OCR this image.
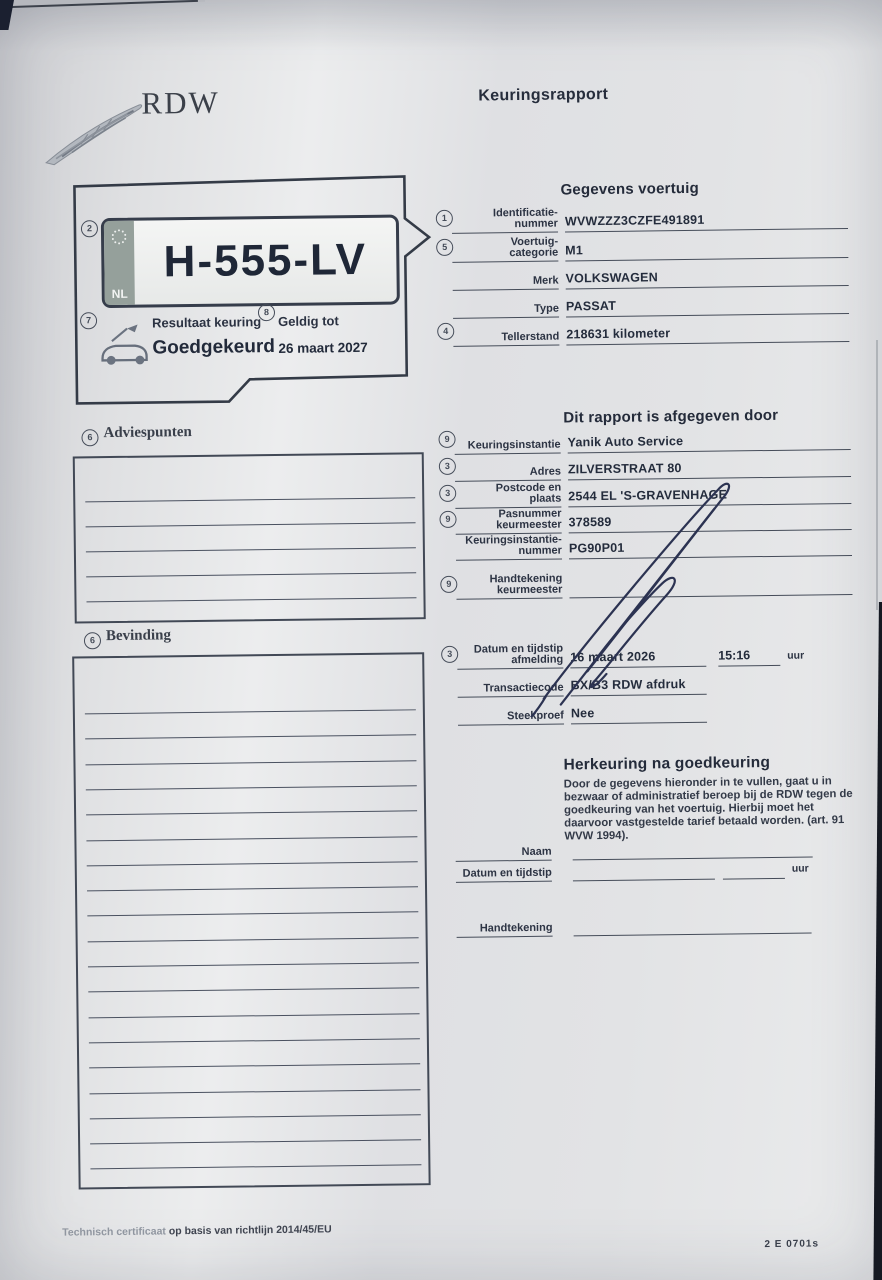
RDW	Keuringsrapport
2
NL
H-555-LV
7	Resultaat keuring
Goedgekeurd
8
Geldig tot
26 maart 2027
6 Adviespunten
6 Bevinding
Gegevens voertuig
1	Identificatie-
nummer WVWZZZ3CZFE491891
5	Voertuig-
categorie M1
Merk VOLKSWAGEN
Type PASSAT
4	Tellerstand 218631 kilometer
Dit rapport is afgegeven door
9	Keuringsinstantie Yanik Auto Service
3	Adres ZILVERSTRAAT 80
3	Postcode en
plaats 2544 EL 'S-GRAVENHAGE
9	Pasnummer
keurmeester 378589
Keuringsinstantie-
nummer PG90P01
9	Handtekening
keurmeester
3	Datum en tijdstip
afmelding 16 maart 2026	15:16	uur
Transactiecode BX/B3 RDW afdruk
Steekproef Nee
Herkeuring na goedkeuring
Door de gegevens hieronder in te vullen, gaat u in bezwaar of administratief beroep bij de RDW tegen de goedkeuring van het voertuig. Hierbij moet het daarvoor vastgestelde tarief betaald worden. (art. 91 WVW 1994).
Naam
Datum en tijdstip	uur
Handtekening
Technisch certificaat op basis van richtlijn 2014/45/EU
2 E 0701s
